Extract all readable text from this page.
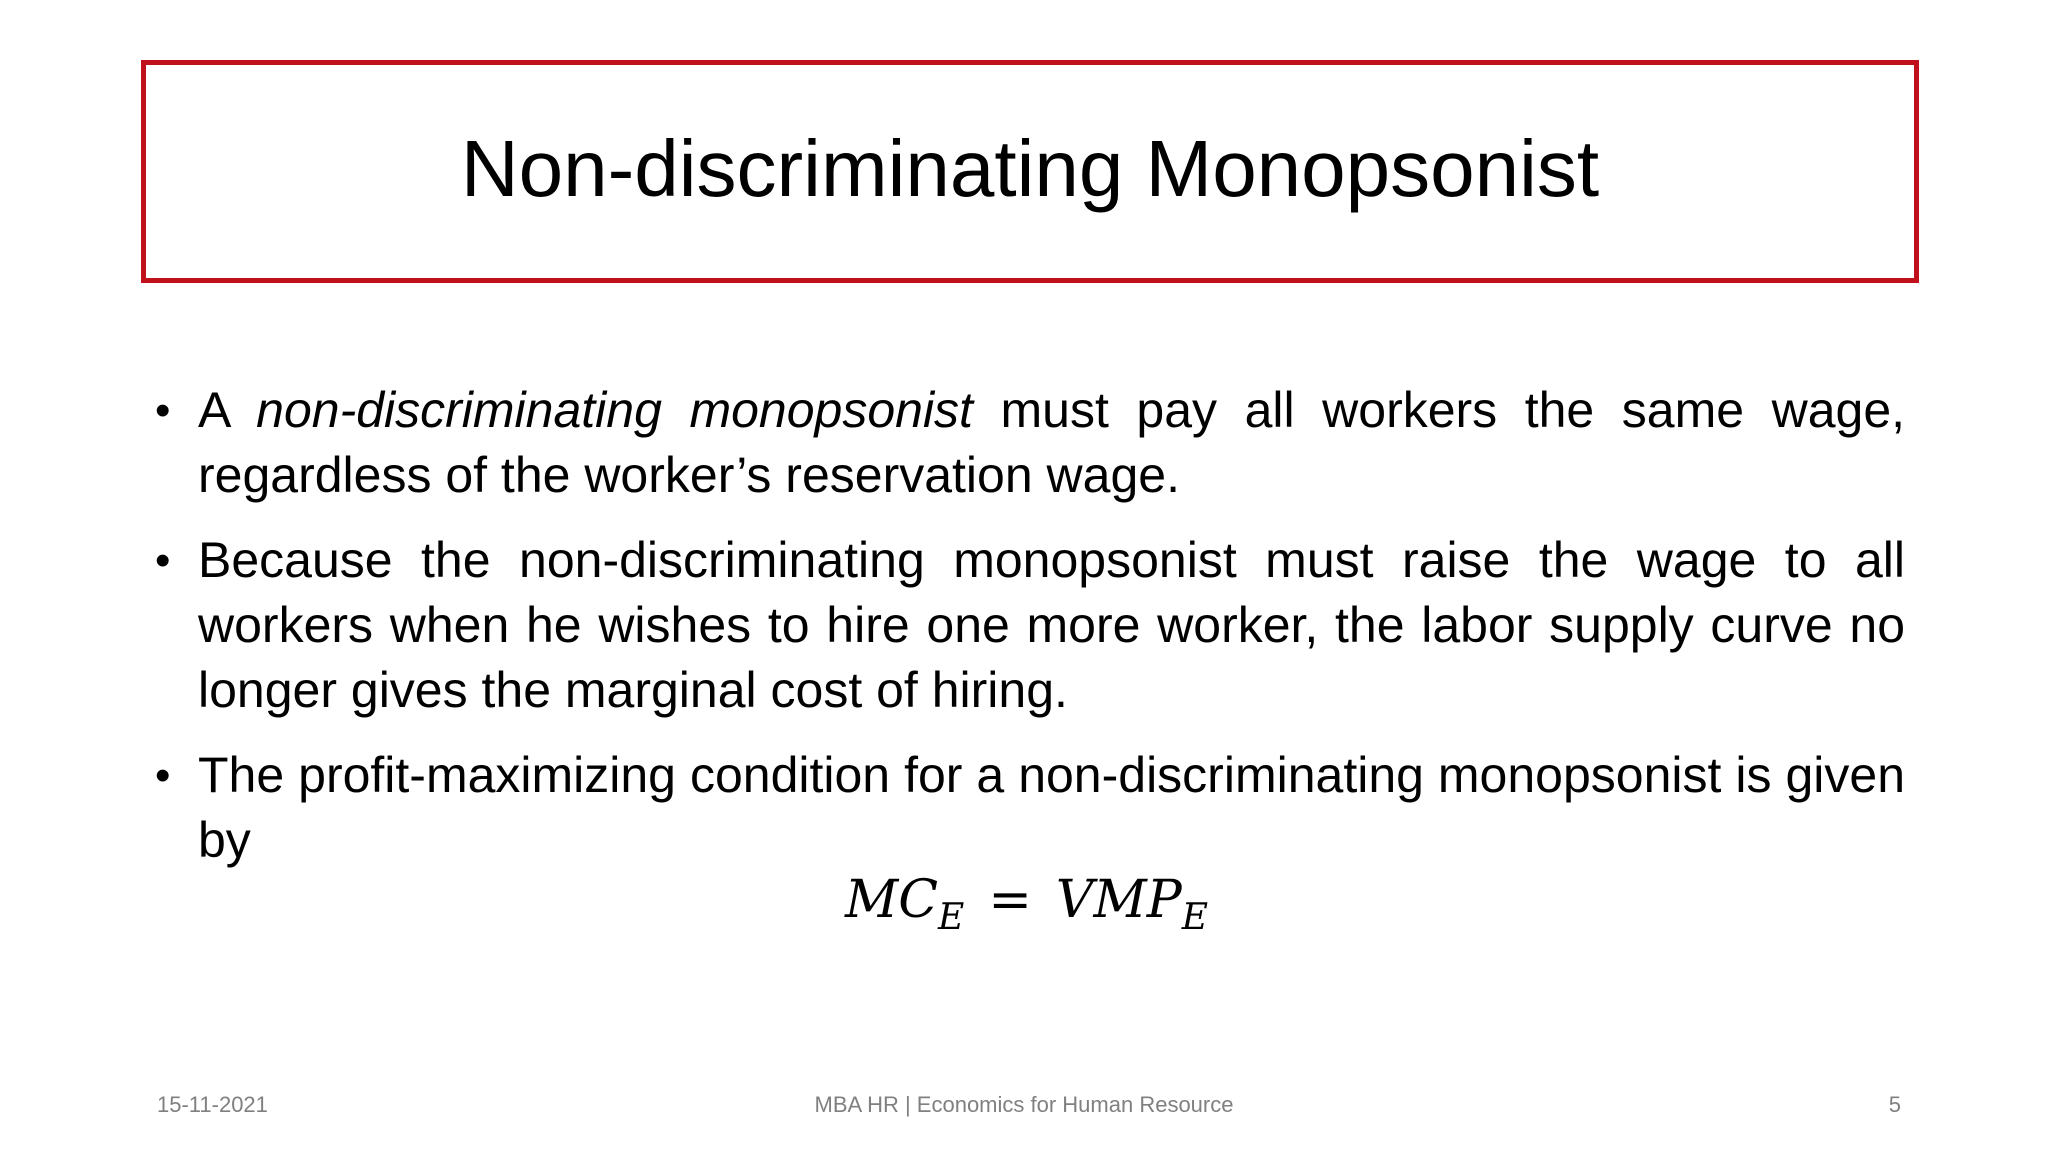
Non-discriminating Monopsonist
• A non-discriminating monopsonist must pay all workers the same wage, regardless of the worker’s reservation wage.
• Because the non-discriminating monopsonist must raise the wage to all workers when he wishes to hire one more worker, the labor supply curve no longer gives the marginal cost of hiring.
• The profit-maximizing condition for a non-discriminating monopsonist is given by
$MC_E = VMP_E$
15-11-2021	MBA HR | Economics for Human Resource	5
